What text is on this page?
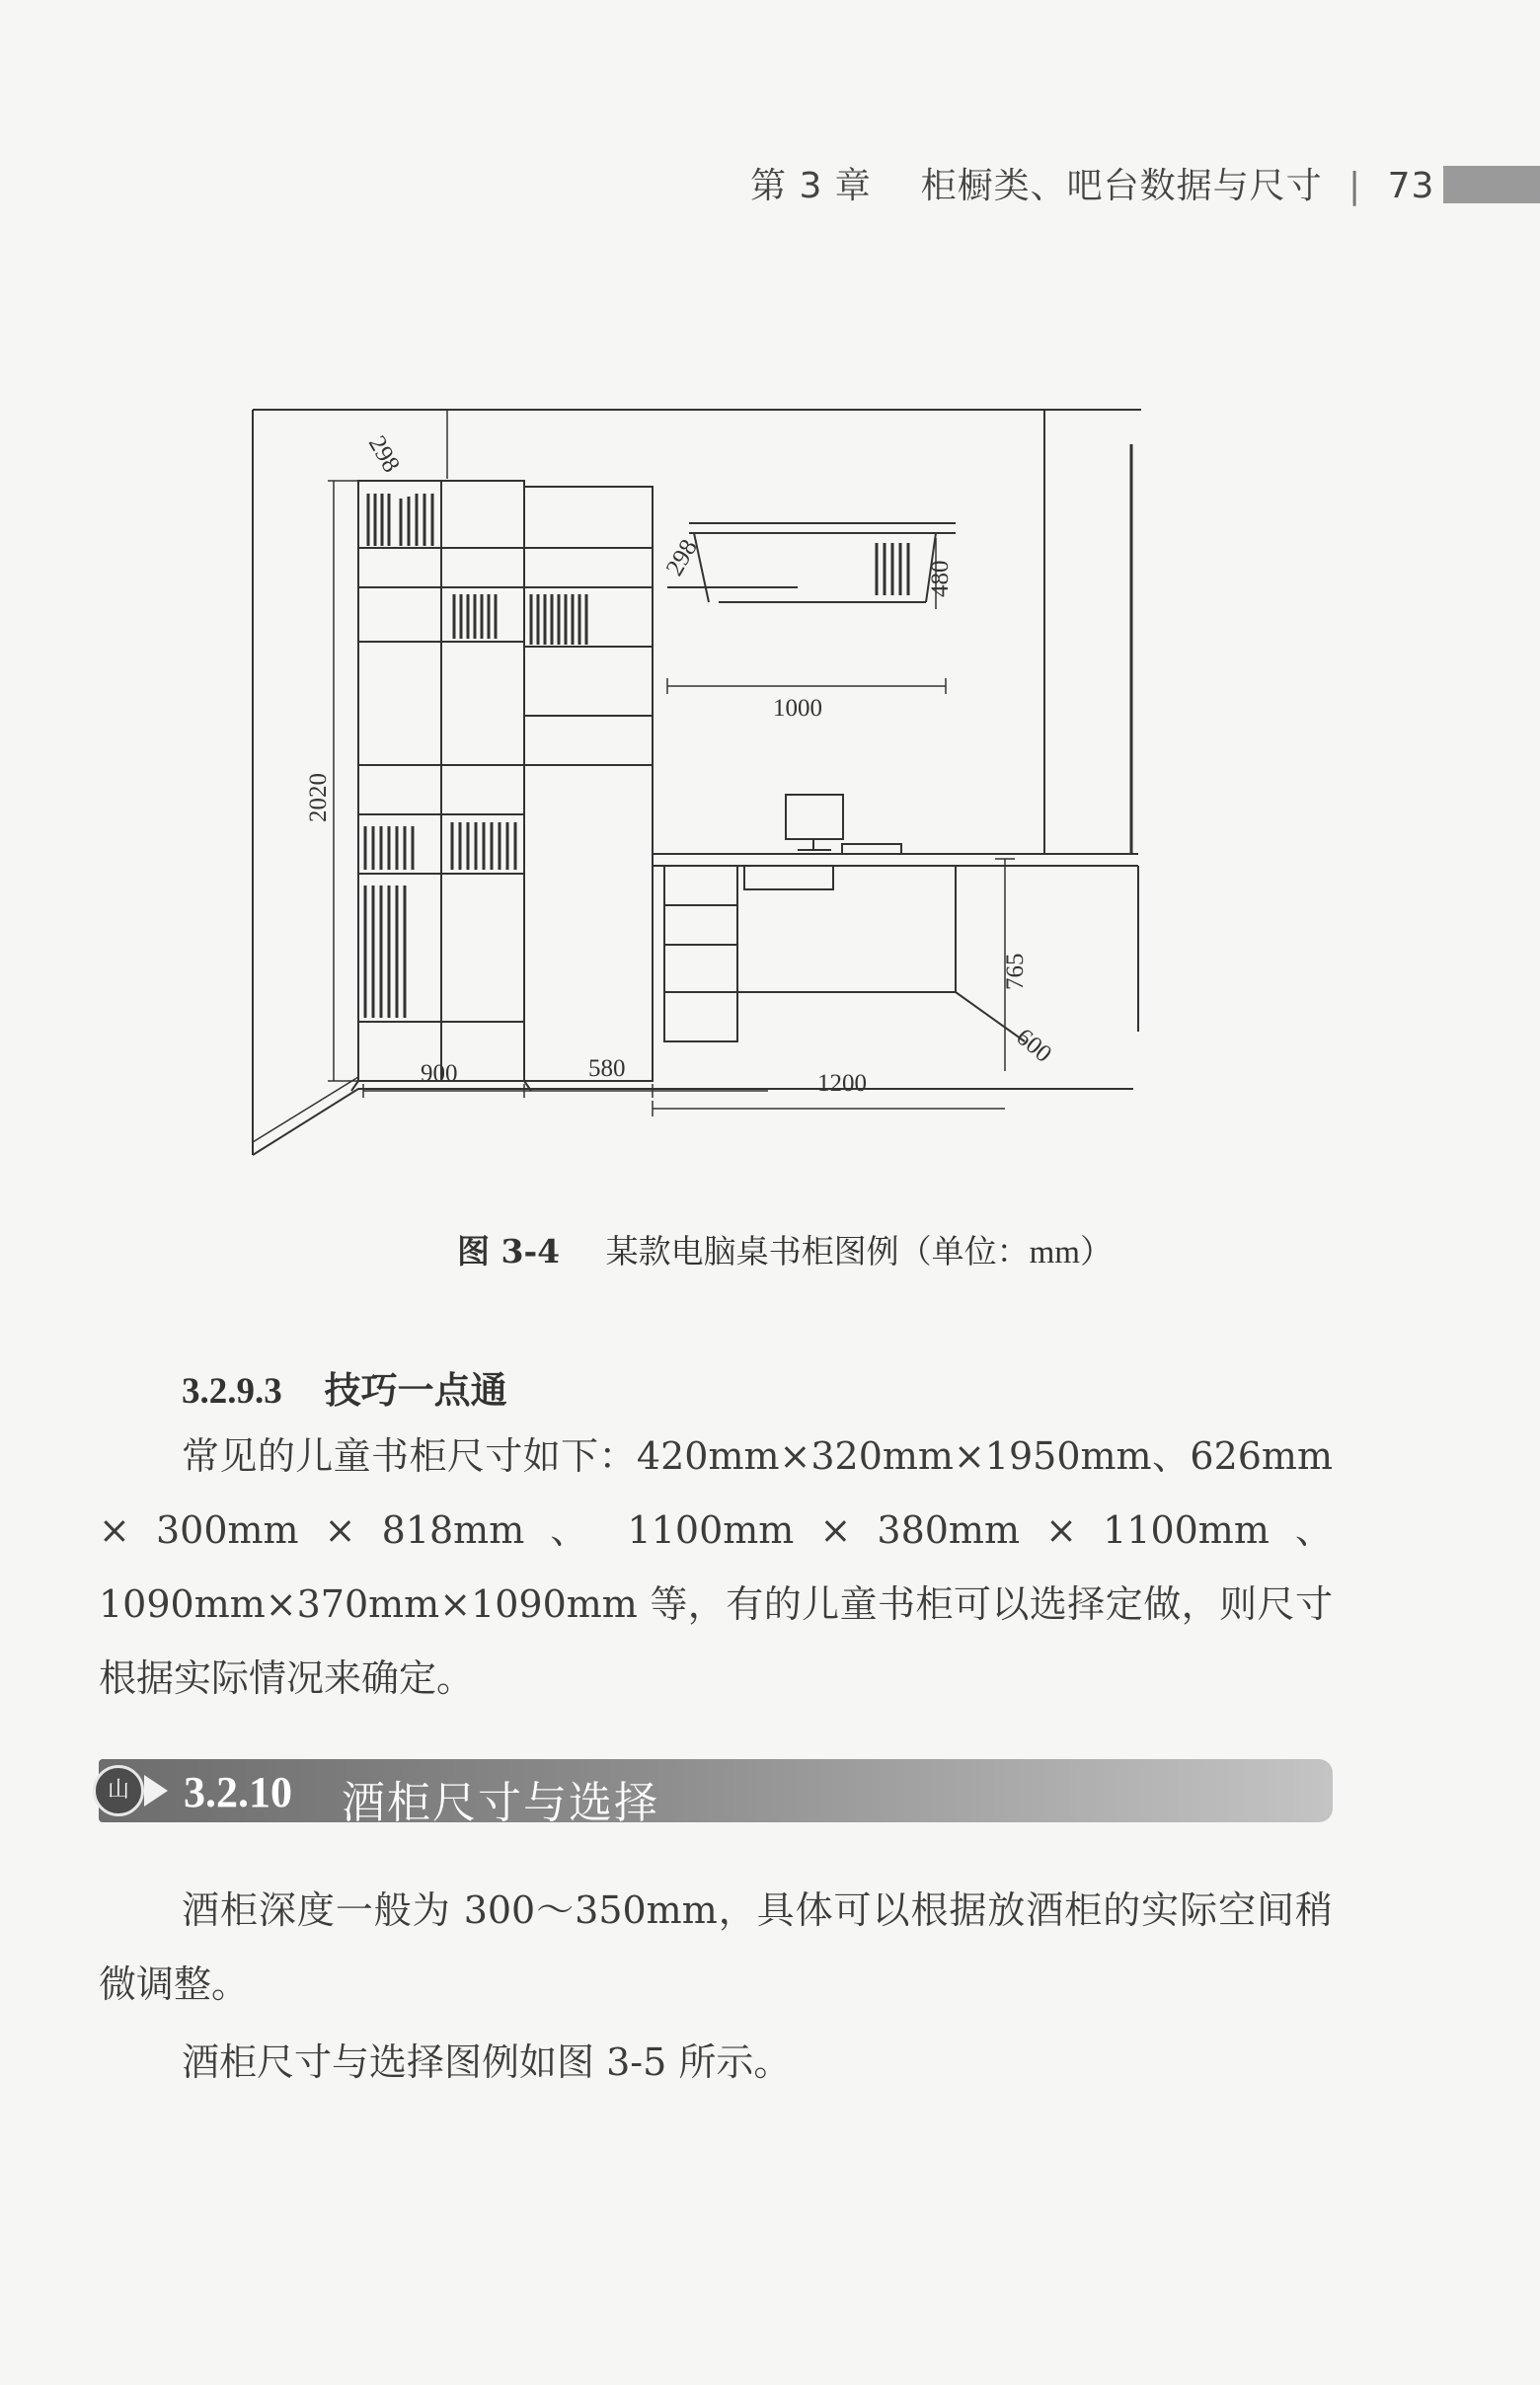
第 3 章 柜橱类、吧台数据与尺寸 | 73
298
298	480
1000
2020
765
900	580
1200
600
图 3-4 某款电脑桌书柜图例（单位：mm）
3.2.9.3 技巧一点通

常见的儿童书柜尺寸如下：420mm×320mm×1950mm、626mm × 300mm × 818mm 、 1100mm × 380mm × 1100mm 、1090mm×370mm×1090mm 等，有的儿童书柜可以选择定做，则尺寸根据实际情况来确定。

山	3.2.10 酒柜尺寸与选择

酒柜深度一般为 300～350mm，具体可以根据放酒柜的实际空间稍微调整。

酒柜尺寸与选择图例如图 3-5 所示。
